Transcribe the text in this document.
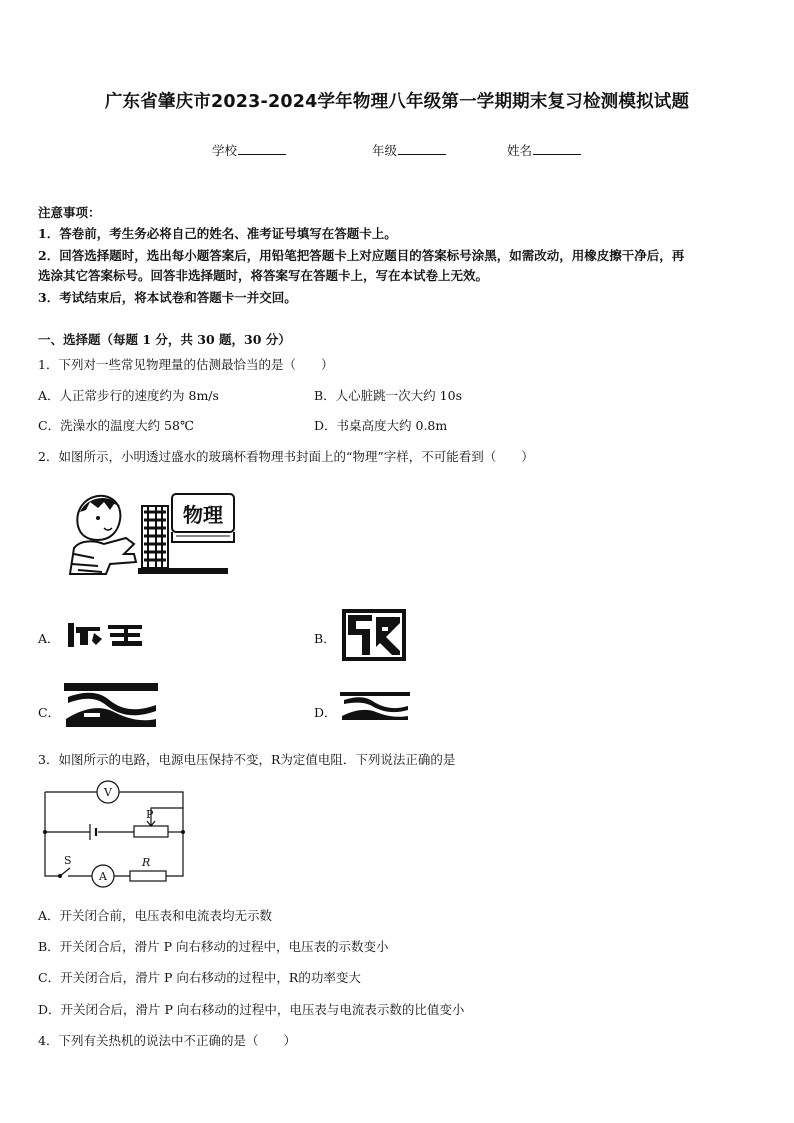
广东省肇庆市2023-2024学年物理八年级第一学期期末复习检测模拟试题
学校	年级	姓名
注意事项：
1．答卷前，考生务必将自己的姓名、准考证号填写在答题卡上。
2．回答选择题时，选出每小题答案后，用铅笔把答题卡上对应题目的答案标号涂黑，如需改动，用橡皮擦干净后，再
选涂其它答案标号。回答非选择题时，将答案写在答题卡上，写在本试卷上无效。
3．考试结束后，将本试卷和答题卡一并交回。
一、选择题（每题 1 分，共 30 题，30 分）
1．下列对一些常见物理量的估测最恰当的是（　　）
A．人正常步行的速度约为 8m/s	B．人心脏跳一次大约 10s
C．洗澡水的温度大约 58℃	D．书桌高度大约 0.8m
2．如图所示，小明透过盛水的玻璃杯看物理书封面上的“物理”字样，不可能看到（　　）
物理
A．	B．
C．	D．
3．如图所示的电路，电源电压保持不变，R为定值电阻．下列说法正确的是
V
A
P
S	R
A．开关闭合前，电压表和电流表均无示数
B．开关闭合后，滑片 P 向右移动的过程中，电压表的示数变小
C．开关闭合后，滑片 P 向右移动的过程中，R的功率变大
D．开关闭合后，滑片 P 向右移动的过程中，电压表与电流表示数的比值变小
4．下列有关热机的说法中不正确的是（　　）
